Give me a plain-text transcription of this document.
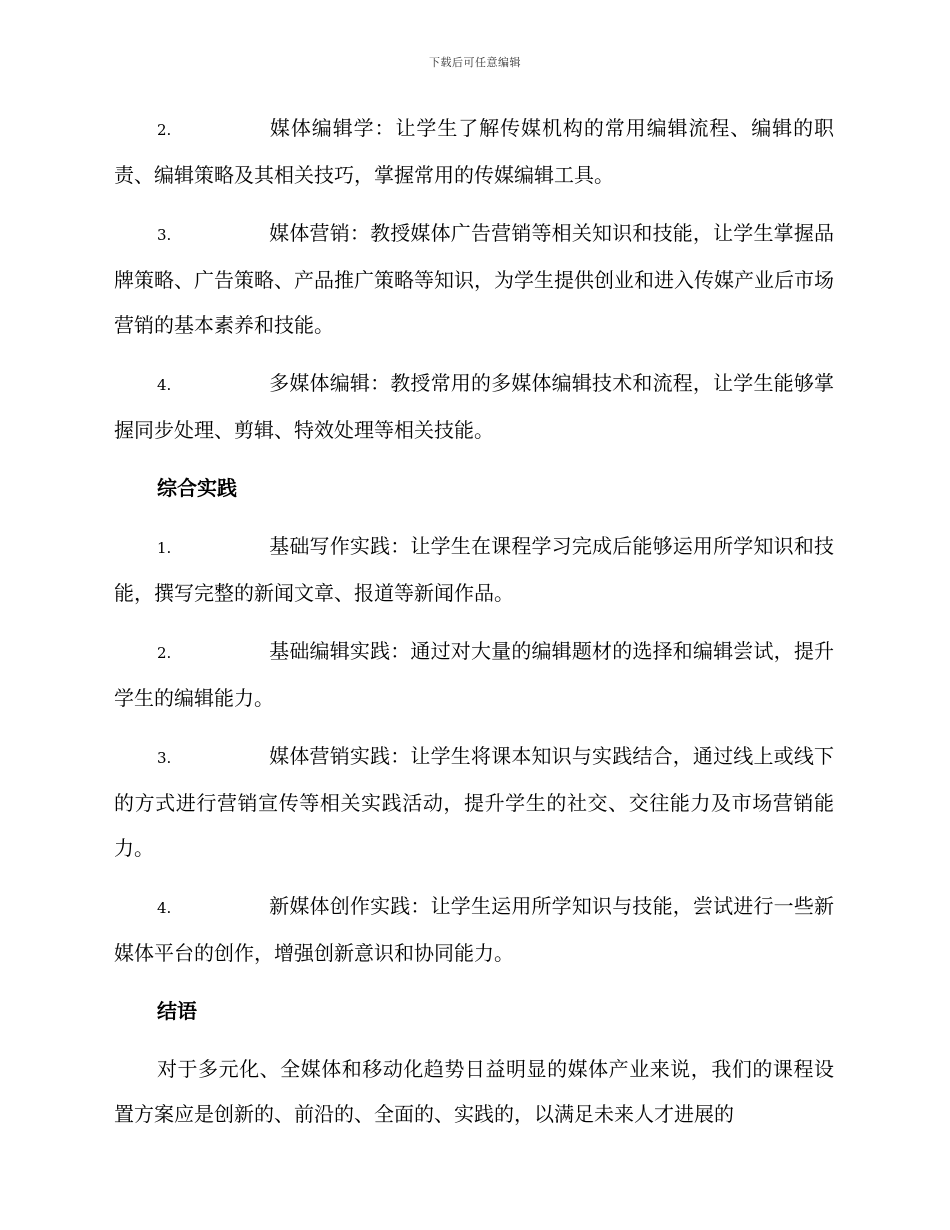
下载后可任意编辑

2.	媒体编辑学：让学生了解传媒机构的常用编辑流程、编辑的职责、编辑策略及其相关技巧，掌握常用的传媒编辑工具。

3.	媒体营销：教授媒体广告营销等相关知识和技能，让学生掌握品牌策略、广告策略、产品推广策略等知识，为学生提供创业和进入传媒产业后市场营销的基本素养和技能。

4.	多媒体编辑：教授常用的多媒体编辑技术和流程，让学生能够掌握同步处理、剪辑、特效处理等相关技能。

综合实践

1.	基础写作实践：让学生在课程学习完成后能够运用所学知识和技能，撰写完整的新闻文章、报道等新闻作品。

2.	基础编辑实践：通过对大量的编辑题材的选择和编辑尝试，提升学生的编辑能力。

3.	媒体营销实践：让学生将课本知识与实践结合，通过线上或线下的方式进行营销宣传等相关实践活动，提升学生的社交、交往能力及市场营销能力。

4.	新媒体创作实践：让学生运用所学知识与技能，尝试进行一些新媒体平台的创作，增强创新意识和协同能力。

结语

对于多元化、全媒体和移动化趋势日益明显的媒体产业来说，我们的课程设置方案应是创新的、前沿的、全面的、实践的，以满足未来人才进展的
